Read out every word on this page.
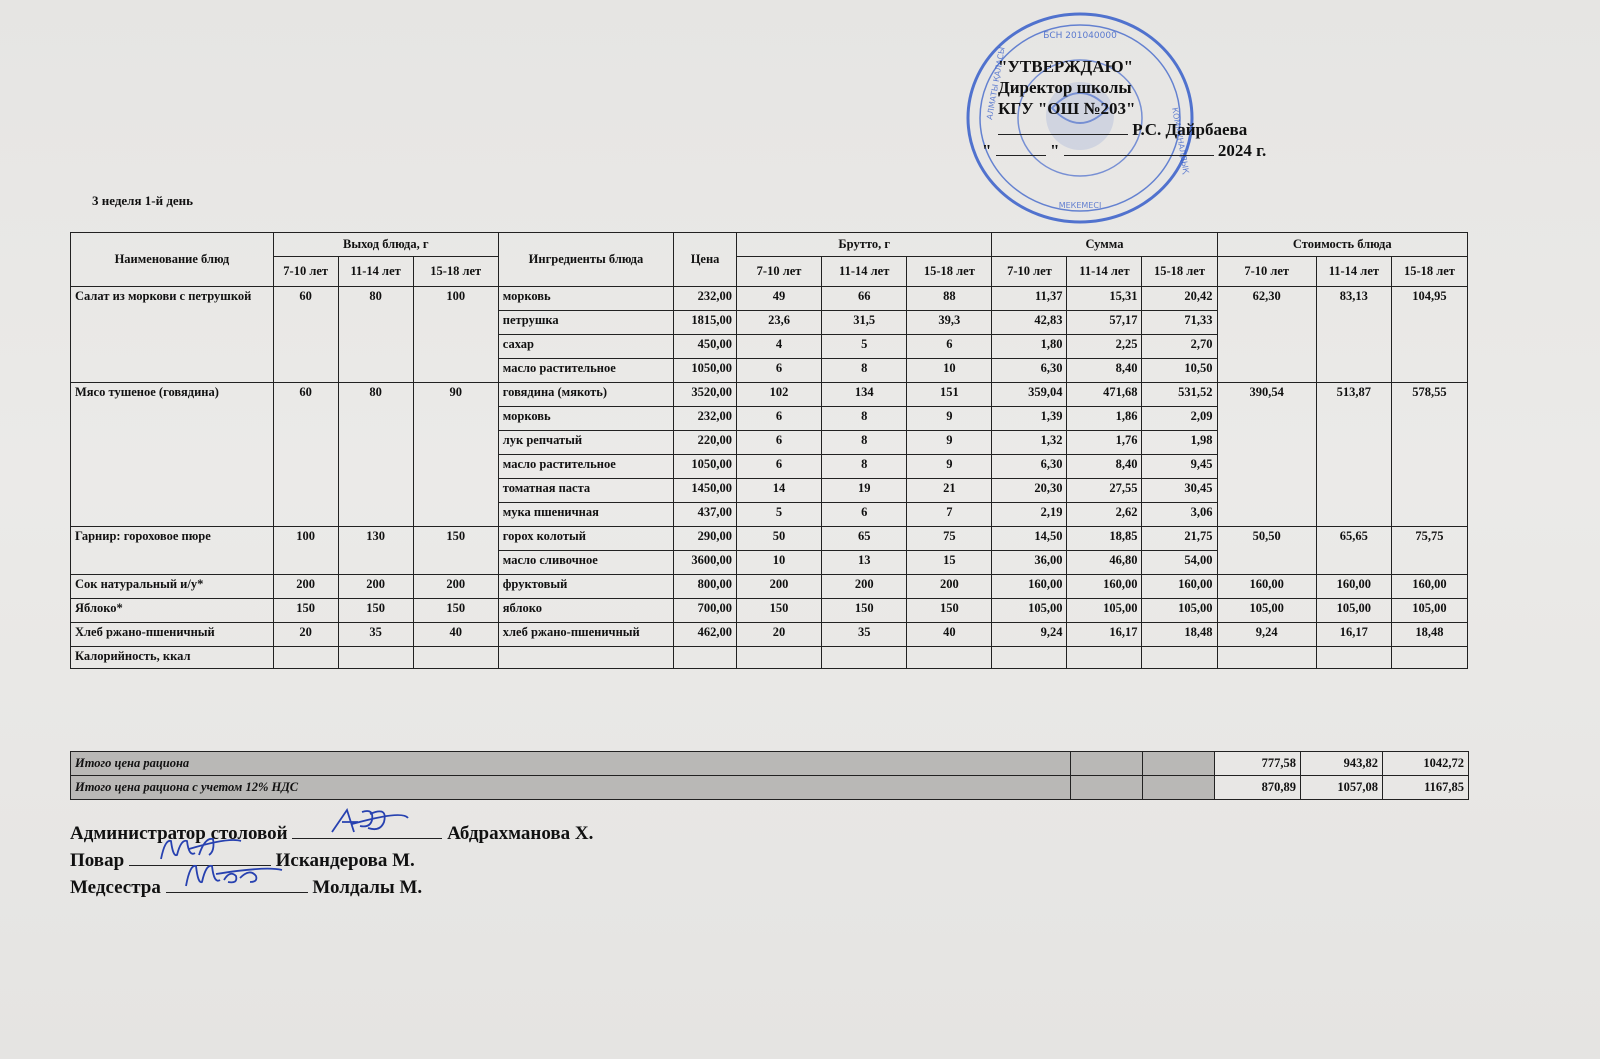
БСН 201040000
АЛМАТЫ ҚАЛАСЫ
КОММУНАЛДЫҚ
МЕКЕМЕСІ
"УТВЕРЖДАЮ"
Директор школы
КГУ "ОШ №203"
Р.С. Дайрбаева
"	"	2024 г.
3 неделя 1-й день
Наименование блюд	Выход блюда, г			Ингредиенты блюда	Цена	Брутто, г			Сумма			Стоимость блюда		
	7-10 лет	11-14 лет	15-18 лет			7-10 лет	11-14 лет	15-18 лет	7-10 лет	11-14 лет	15-18 лет	7-10 лет	11-14 лет	15-18 лет
Салат из моркови с петрушкой	60	80	100	морковь	232,00	49	66	88	11,37	15,31	20,42	62,30	83,13	104,95
				петрушка	1815,00	23,6	31,5	39,3	42,83	57,17	71,33			
				сахар	450,00	4	5	6	1,80	2,25	2,70			
				масло растительное	1050,00	6	8	10	6,30	8,40	10,50			
Мясо тушеное (говядина)	60	80	90	говядина (мякоть)	3520,00	102	134	151	359,04	471,68	531,52	390,54	513,87	578,55
				морковь	232,00	6	8	9	1,39	1,86	2,09			
				лук репчатый	220,00	6	8	9	1,32	1,76	1,98			
				масло растительное	1050,00	6	8	9	6,30	8,40	9,45			
				томатная паста	1450,00	14	19	21	20,30	27,55	30,45			
				мука пшеничная	437,00	5	6	7	2,19	2,62	3,06			
Гарнир: гороховое пюре	100	130	150	горох колотый	290,00	50	65	75	14,50	18,85	21,75	50,50	65,65	75,75
				масло сливочное	3600,00	10	13	15	36,00	46,80	54,00			
Сок натуральный и/у*	200	200	200	фруктовый	800,00	200	200	200	160,00	160,00	160,00	160,00	160,00	160,00
Яблоко*	150	150	150	яблоко	700,00	150	150	150	105,00	105,00	105,00	105,00	105,00	105,00
Хлеб ржано-пшеничный	20	35	40	хлеб ржано-пшеничный	462,00	20	35	40	9,24	16,17	18,48	9,24	16,17	18,48
Калорийность, ккал														
Итого цена рациона			777,58	943,82	1042,72
Итого цена рациона с учетом 12% НДС			870,89	1057,08	1167,85
Администратор столовой	Абдрахманова Х.
Повар	Искандерова М.
Медсестра	Молдалы М.
